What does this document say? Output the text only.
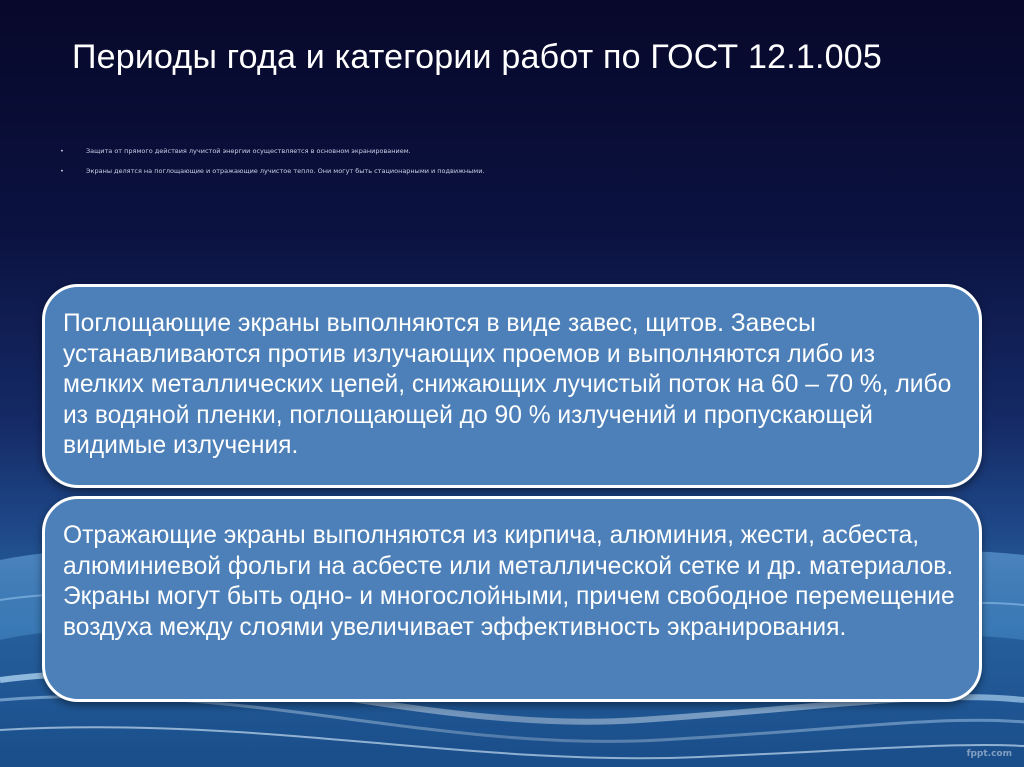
Периоды года и категории работ по ГОСТ 12.1.005
•	Защита от прямого действия лучистой энергии осуществляется в основном экранированием.
•	Экраны делятся на поглощающие и отражающие лучистое тепло. Они могут быть стационарными и подвижными.
Поглощающие экраны выполняются в виде завес, щитов. Завесы устанавливаются против излучающих проемов и выполняются либо из мелких металлических цепей, снижающих лучистый поток на 60 – 70 %, либо из водяной пленки, поглощающей до 90 % излучений и пропускающей видимые излучения.
Отражающие экраны выполняются из кирпича, алюминия, жести, асбеста, алюминиевой фольги на асбесте или металлической сетке и др. материалов. Экраны могут быть одно- и многослойными, причем свободное перемещение воздуха между слоями увеличивает эффективность экранирования.
fppt.com
